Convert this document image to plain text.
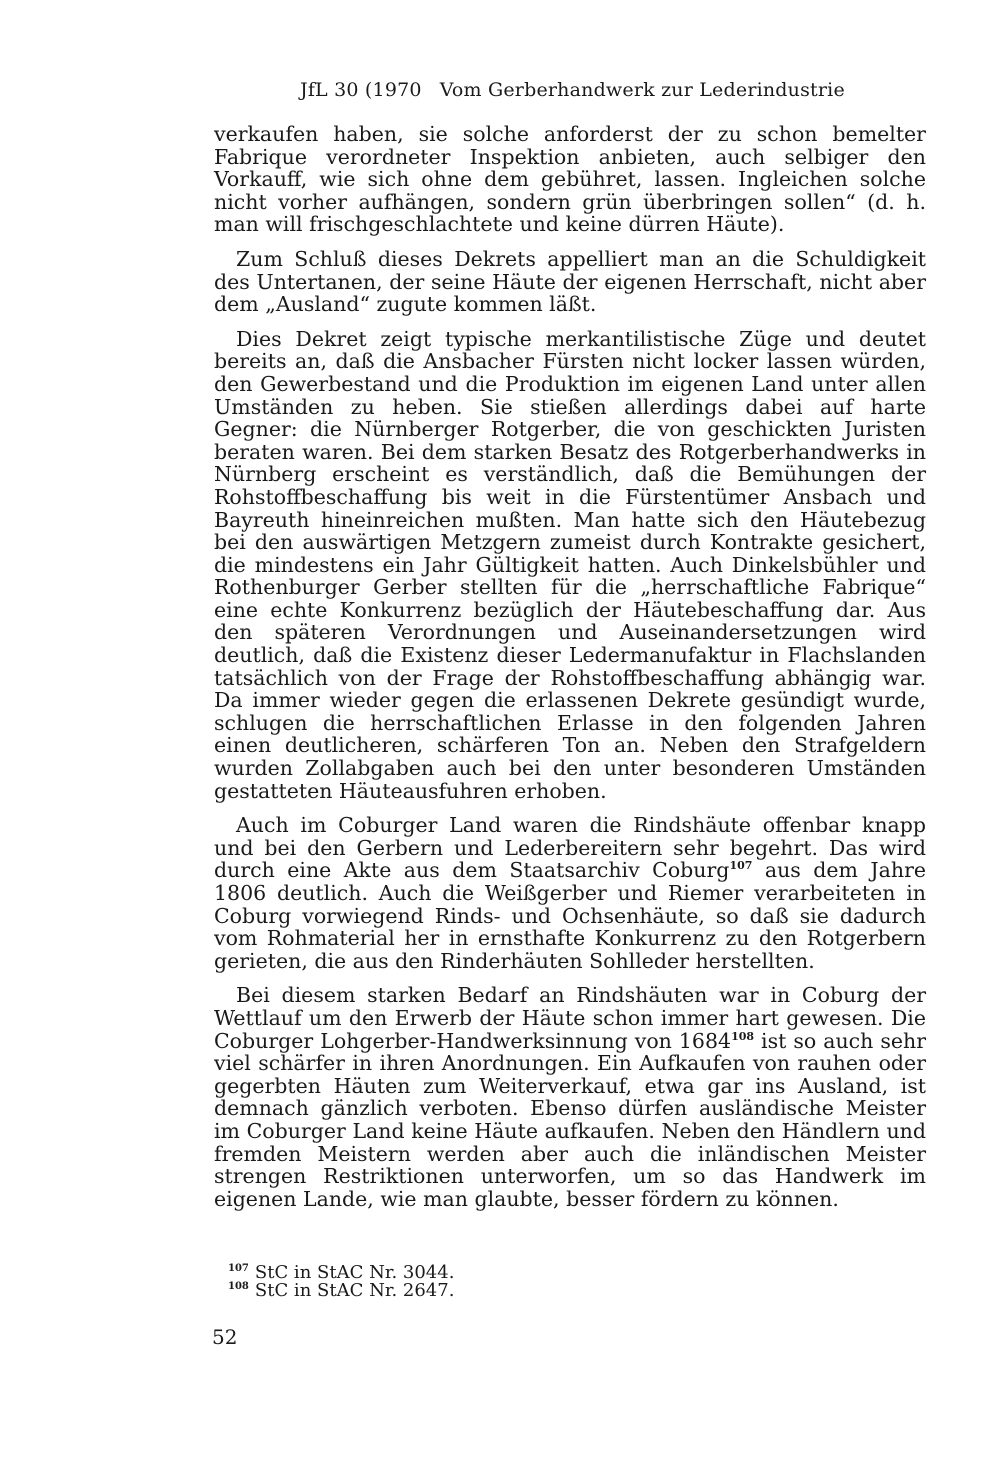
JfL 30 (1970 Vom Gerberhandwerk zur Lederindustrie

verkaufen haben, sie solche anforderst der zu schon bemelter Fabrique verordneter Inspektion anbieten, auch selbiger den Vorkauff, wie sich ohne dem gebühret, lassen. Ingleichen solche nicht vorher aufhängen, sondern grün überbringen sollen“ (d. h. man will frischgeschlachtete und keine dürren Häute).

Zum Schluß dieses Dekrets appelliert man an die Schuldigkeit des Untertanen, der seine Häute der eigenen Herrschaft, nicht aber dem „Ausland“ zugute kommen läßt.

Dies Dekret zeigt typische merkantilistische Züge und deutet bereits an, daß die Ansbacher Fürsten nicht locker lassen würden, den Gewerbestand und die Produktion im eigenen Land unter allen Umständen zu heben. Sie stießen allerdings dabei auf harte Gegner: die Nürnberger Rotgerber, die von geschickten Juristen beraten waren. Bei dem starken Besatz des Rotgerberhandwerks in Nürnberg erscheint es verständlich, daß die Bemühungen der Rohstoffbeschaffung bis weit in die Fürstentümer Ansbach und Bayreuth hineinreichen mußten. Man hatte sich den Häutebezug bei den auswärtigen Metzgern zumeist durch Kontrakte gesichert, die mindestens ein Jahr Gültigkeit hatten. Auch Dinkelsbühler und Rothenburger Gerber stellten für die „herrschaftliche Fabrique“ eine echte Konkurrenz bezüglich der Häutebeschaffung dar. Aus den späteren Verordnungen und Auseinandersetzungen wird deutlich, daß die Existenz dieser Ledermanufaktur in Flachslanden tatsächlich von der Frage der Rohstoffbeschaffung abhängig war. Da immer wieder gegen die erlassenen Dekrete gesündigt wurde, schlugen die herrschaftlichen Erlasse in den folgenden Jahren einen deutlicheren, schärferen Ton an. Neben den Strafgeldern wurden Zollabgaben auch bei den unter besonderen Umständen gestatteten Häuteausfuhren erhoben.

Auch im Coburger Land waren die Rindshäute offenbar knapp und bei den Gerbern und Lederbereitern sehr begehrt. Das wird durch eine Akte aus dem Staatsarchiv Coburg$^{107}$ aus dem Jahre 1806 deutlich. Auch die Weißgerber und Riemer verarbeiteten in Coburg vorwiegend Rinds- und Ochsenhäute, so daß sie dadurch vom Rohmaterial her in ernsthafte Konkurrenz zu den Rotgerbern gerieten, die aus den Rinderhäuten Sohlleder herstellten.

Bei diesem starken Bedarf an Rindshäuten war in Coburg der Wettlauf um den Erwerb der Häute schon immer hart gewesen. Die Coburger Lohgerber-Handwerksinnung von 1684$^{108}$ ist so auch sehr viel schärfer in ihren Anordnungen. Ein Aufkaufen von rauhen oder gegerbten Häuten zum Weiterverkauf, etwa gar ins Ausland, ist demnach gänzlich verboten. Ebenso dürfen ausländische Meister im Coburger Land keine Häute aufkaufen. Neben den Händlern und fremden Meistern werden aber auch die inländischen Meister strengen Restriktionen unterworfen, um so das Handwerk im eigenen Lande, wie man glaubte, besser fördern zu können.

$^{107}$ StC in StAC Nr. 3044.
$^{108}$ StC in StAC Nr. 2647.
52
